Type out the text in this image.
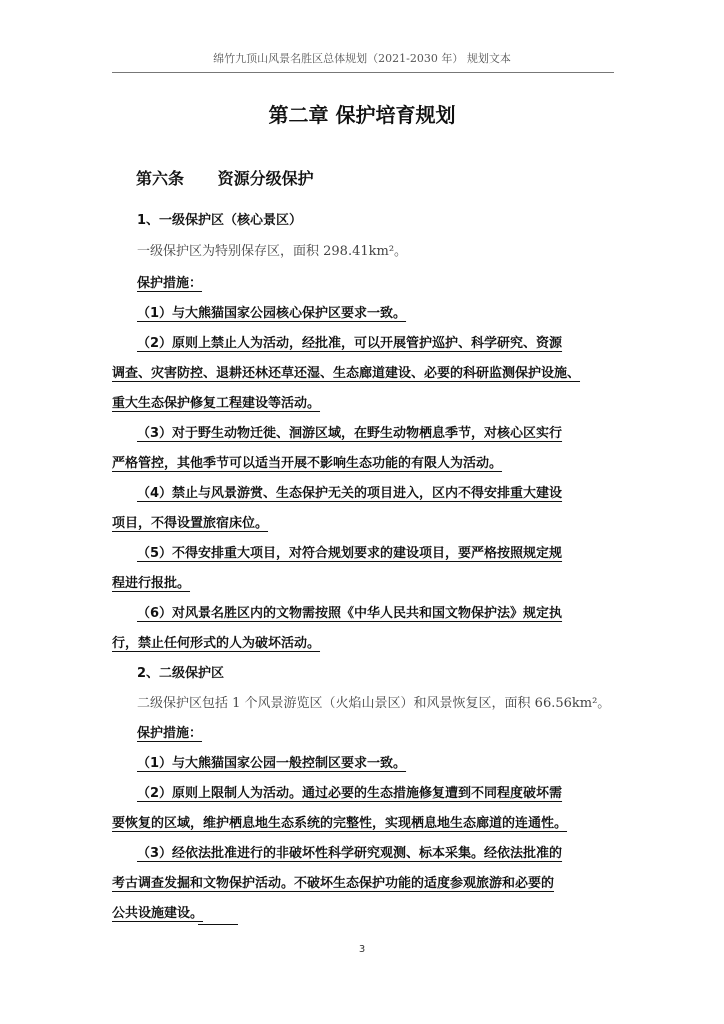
绵竹九顶山风景名胜区总体规划（2021-2030 年） 规划文本
第二章 保护培育规划
第六条 资源分级保护
1、一级保护区（核心景区）
一级保护区为特别保存区，面积 298.41km²。
保护措施：
（1）与大熊猫国家公园核心保护区要求一致。
（2）原则上禁止人为活动，经批准，可以开展管护巡护、科学研究、资源
调查、灾害防控、退耕还林还草还湿、生态廊道建设、必要的科研监测保护设施、
重大生态保护修复工程建设等活动。
（3）对于野生动物迁徙、洄游区域，在野生动物栖息季节，对核心区实行
严格管控，其他季节可以适当开展不影响生态功能的有限人为活动。
（4）禁止与风景游赏、生态保护无关的项目进入，区内不得安排重大建设
项目，不得设置旅宿床位。
（5）不得安排重大项目，对符合规划要求的建设项目，要严格按照规定规
程进行报批。
（6）对风景名胜区内的文物需按照《中华人民共和国文物保护法》规定执
行，禁止任何形式的人为破坏活动。
2、二级保护区
二级保护区包括 1 个风景游览区（火焰山景区）和风景恢复区，面积 66.56km²。
保护措施：
（1）与大熊猫国家公园一般控制区要求一致。
（2）原则上限制人为活动。通过必要的生态措施修复遭到不同程度破坏需
要恢复的区域，维护栖息地生态系统的完整性，实现栖息地生态廊道的连通性。
（3）经依法批准进行的非破坏性科学研究观测、标本采集。经依法批准的
考古调查发掘和文物保护活动。不破坏生态保护功能的适度参观旅游和必要的
公共设施建设。
3
